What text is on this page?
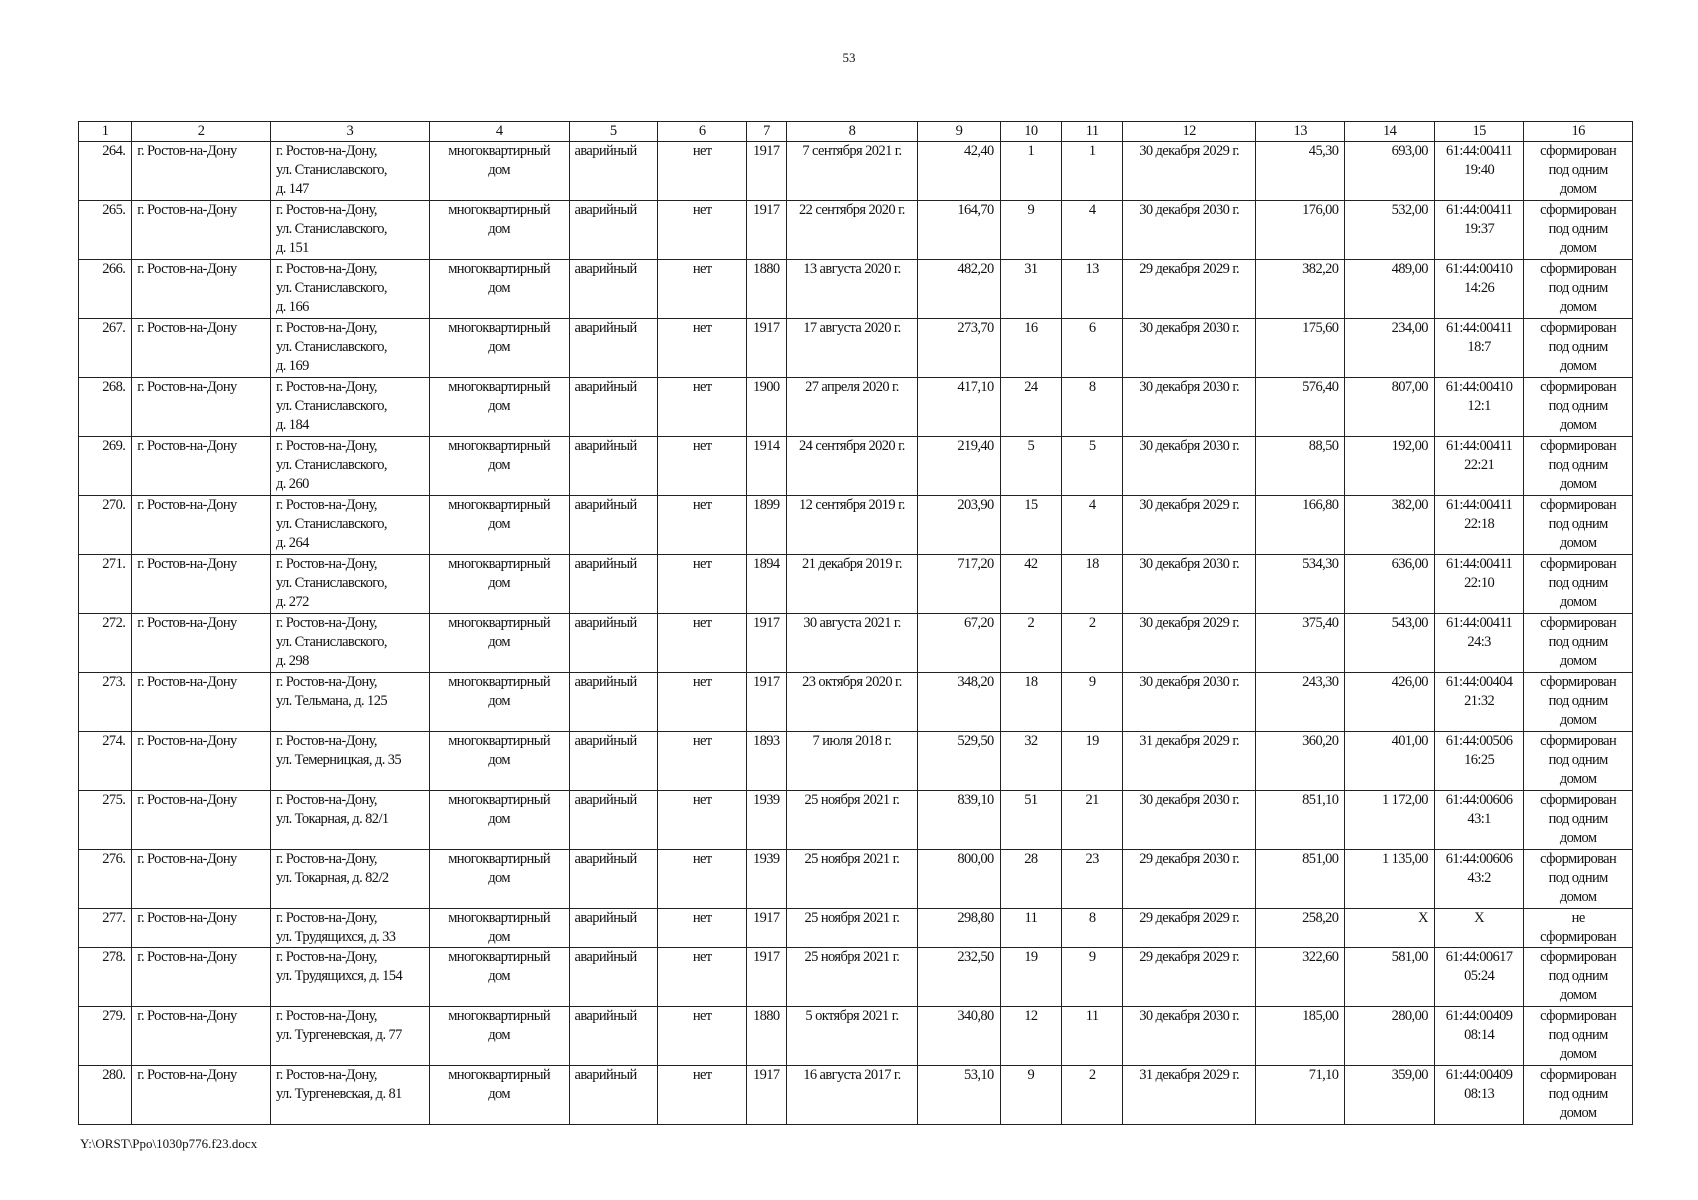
53
1	2	3	4	5	6	7	8	9	10	11	12	13	14	15	16
264.	г. Ростов-на-Дону	г. Ростов-на-Дону,
ул. Станиславского,
д. 147	многоквартирный
дом	аварийный	нет	1917	7 сентября 2021 г.	42,40	1	1	30 декабря 2029 г.	45,30	693,00	61:44:00411
19:40	сформирован
под одним
домом

265.	г. Ростов-на-Дону	г. Ростов-на-Дону,
ул. Станиславского,
д. 151	многоквартирный
дом	аварийный	нет	1917	22 сентября 2020 г.	164,70	9	4	30 декабря 2030 г.	176,00	532,00	61:44:00411
19:37	сформирован
под одним
домом

266.	г. Ростов-на-Дону	г. Ростов-на-Дону,
ул. Станиславского,
д. 166	многоквартирный
дом	аварийный	нет	1880	13 августа 2020 г.	482,20	31	13	29 декабря 2029 г.	382,20	489,00	61:44:00410
14:26	сформирован
под одним
домом

267.	г. Ростов-на-Дону	г. Ростов-на-Дону,
ул. Станиславского,
д. 169	многоквартирный
дом	аварийный	нет	1917	17 августа 2020 г.	273,70	16	6	30 декабря 2030 г.	175,60	234,00	61:44:00411
18:7	сформирован
под одним
домом

268.	г. Ростов-на-Дону	г. Ростов-на-Дону,
ул. Станиславского,
д. 184	многоквартирный
дом	аварийный	нет	1900	27 апреля 2020 г.	417,10	24	8	30 декабря 2030 г.	576,40	807,00	61:44:00410
12:1	сформирован
под одним
домом

269.	г. Ростов-на-Дону	г. Ростов-на-Дону,
ул. Станиславского,
д. 260	многоквартирный
дом	аварийный	нет	1914	24 сентября 2020 г.	219,40	5	5	30 декабря 2030 г.	88,50	192,00	61:44:00411
22:21	сформирован
под одним
домом

270.	г. Ростов-на-Дону	г. Ростов-на-Дону,
ул. Станиславского,
д. 264	многоквартирный
дом	аварийный	нет	1899	12 сентября 2019 г.	203,90	15	4	30 декабря 2029 г.	166,80	382,00	61:44:00411
22:18	сформирован
под одним
домом

271.	г. Ростов-на-Дону	г. Ростов-на-Дону,
ул. Станиславского,
д. 272	многоквартирный
дом	аварийный	нет	1894	21 декабря 2019 г.	717,20	42	18	30 декабря 2030 г.	534,30	636,00	61:44:00411
22:10	сформирован
под одним
домом

272.	г. Ростов-на-Дону	г. Ростов-на-Дону,
ул. Станиславского,
д. 298	многоквартирный
дом	аварийный	нет	1917	30 августа 2021 г.	67,20	2	2	30 декабря 2029 г.	375,40	543,00	61:44:00411
24:3	сформирован
под одним
домом

273.	г. Ростов-на-Дону	г. Ростов-на-Дону,
ул. Тельмана, д. 125	многоквартирный
дом	аварийный	нет	1917	23 октября 2020 г.	348,20	18	9	30 декабря 2030 г.	243,30	426,00	61:44:00404
21:32	сформирован
под одним
домом

274.	г. Ростов-на-Дону	г. Ростов-на-Дону,
ул. Темерницкая, д. 35	многоквартирный
дом	аварийный	нет	1893	7 июля 2018 г.	529,50	32	19	31 декабря 2029 г.	360,20	401,00	61:44:00506
16:25	сформирован
под одним
домом

275.	г. Ростов-на-Дону	г. Ростов-на-Дону,
ул. Токарная, д. 82/1	многоквартирный
дом	аварийный	нет	1939	25 ноября 2021 г.	839,10	51	21	30 декабря 2030 г.	851,10	1 172,00	61:44:00606
43:1	сформирован
под одним
домом

276.	г. Ростов-на-Дону	г. Ростов-на-Дону,
ул. Токарная, д. 82/2	многоквартирный
дом	аварийный	нет	1939	25 ноября 2021 г.	800,00	28	23	29 декабря 2030 г.	851,00	1 135,00	61:44:00606
43:2	сформирован
под одним
домом

277.	г. Ростов-на-Дону	г. Ростов-на-Дону,
ул. Трудящихся, д. 33	многоквартирный
дом	аварийный	нет	1917	25 ноября 2021 г.	298,80	11	8	29 декабря 2029 г.	258,20	Х	Х	не
сформирован

278.	г. Ростов-на-Дону	г. Ростов-на-Дону,
ул. Трудящихся, д. 154	многоквартирный
дом	аварийный	нет	1917	25 ноября 2021 г.	232,50	19	9	29 декабря 2029 г.	322,60	581,00	61:44:00617
05:24	сформирован
под одним
домом

279.	г. Ростов-на-Дону	г. Ростов-на-Дону,
ул. Тургеневская, д. 77	многоквартирный
дом	аварийный	нет	1880	5 октября 2021 г.	340,80	12	11	30 декабря 2030 г.	185,00	280,00	61:44:00409
08:14	сформирован
под одним
домом

280.	г. Ростов-на-Дону	г. Ростов-на-Дону,
ул. Тургеневская, д. 81	многоквартирный
дом	аварийный	нет	1917	16 августа 2017 г.	53,10	9	2	31 декабря 2029 г.	71,10	359,00	61:44:00409
08:13	сформирован
под одним
домом
Y:\ORST\Ppo\1030p776.f23.docx
